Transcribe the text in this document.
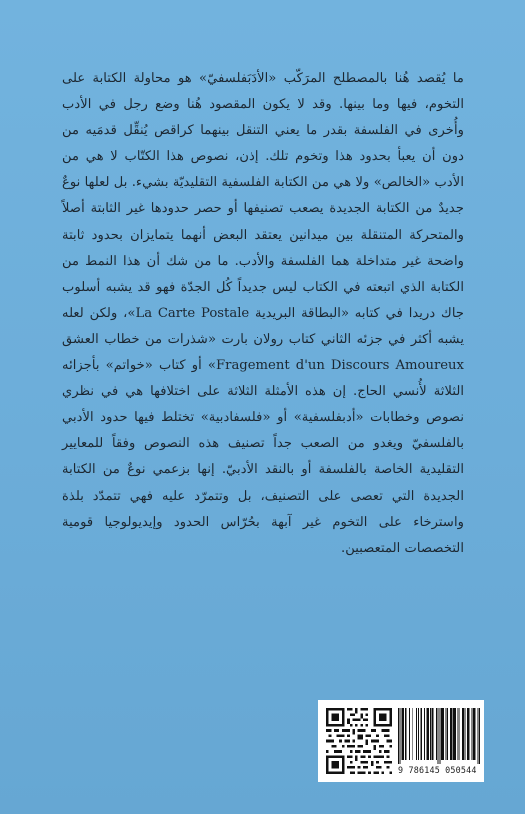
ما يُقصد هُنا بالمصطلح المرَكّب «الأدَبَفلسفيّ» هو محاولة الكتابة على التخوم، فيها وما بينها. وقد لا يكون المقصود هُنا وضع رجل في الأدب وأُخرى في الفلسفة بقدر ما يعني التنقل بينهما كراقص يُنقِّل قدمَيه من دون أن يعبأ بحدود هذا وتخوم تلك. إذن، نصوص هذا الكتّاب لا هي من الأدب «الخالص» ولا هي من الكتابة الفلسفية التقليديّة بشيء. بل لعلها نوعٌ جديدٌ من الكتابة الجديدة يصعب تصنيفها أو حصر حدودها غير الثابتة أصلاً والمتحركة المتنقلة بين ميدانين يعتقد البعض أنهما يتمايزان بحدود ثابتة واضحة غير متداخلة هما الفلسفة والأدب. ما من شك أن هذا النمط من الكتابة الذي اتبعته في الكتاب ليس جديداً كُل الجدّة فهو قد يشبه أسلوب جاك دريدا في كتابه «البطاقة البريدية La Carte Postale»، ولكن لعله يشبه أكثر في جزئه الثاني كتاب رولان بارت «شذرات من خطاب العشق Fragement d'un Discours Amoureux» أو كتاب «خواتم» بأجزائه الثلاثة لأُنسي الحاج. إن هذه الأمثلة الثلاثة على اختلافها هي في نظري نصوص وخطابات «أدبفلسفية» أو «فلسفادبية» تختلط فيها حدود الأدبي بالفلسفيّ ويغدو من الصعب جداً تصنيف هذه النصوص وفقاً للمعايير التقليدية الخاصة بالفلسفة أو بالنقد الأدبيّ. إنها بزعمي نوعٌ من الكتابة الجديدة التي تعصى على التصنيف، بل وتتمرّد عليه فهي تتمدّد بلذة واسترخاء على التخوم غير آبهة بحُرّاس الحدود وإيديولوجيا قومية التخصصات المتعصبين.

9 786145 050544
